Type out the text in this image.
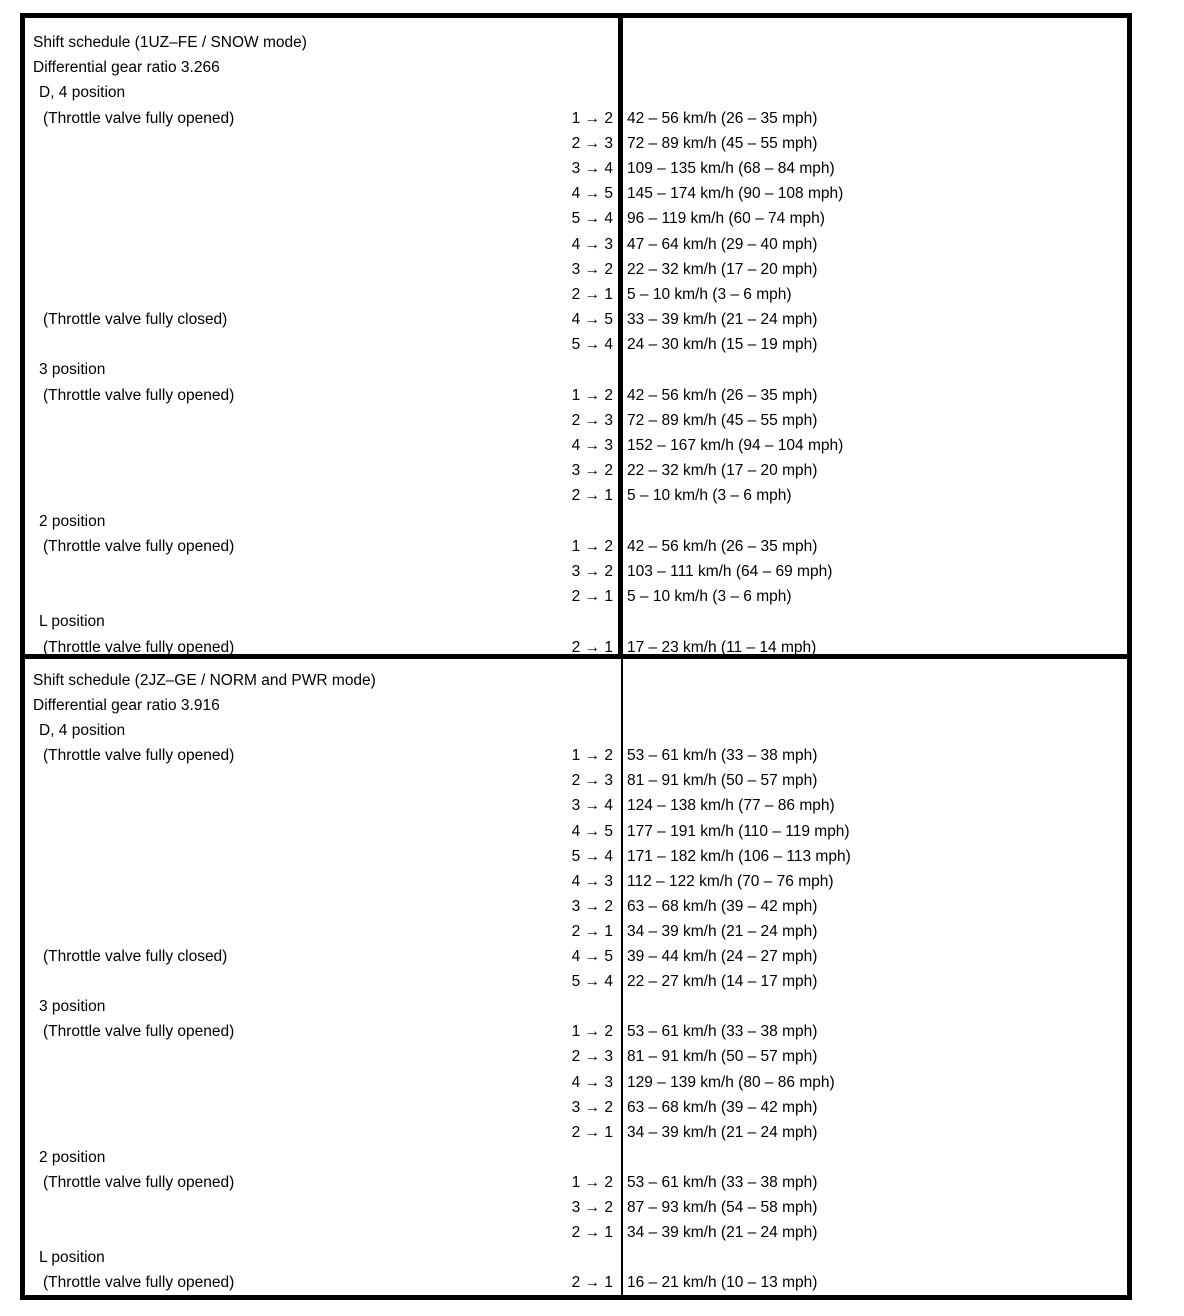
Shift schedule (1UZ–FE / SNOW mode)
Differential gear ratio 3.266
D, 4 position
(Throttle valve fully opened)	1 → 2 42 – 56 km/h (26 – 35 mph)
2 → 3 72 – 89 km/h (45 – 55 mph)
3 → 4 109 – 135 km/h (68 – 84 mph)
4 → 5 145 – 174 km/h (90 – 108 mph)
5 → 4 96 – 119 km/h (60 – 74 mph)
4 → 3 47 – 64 km/h (29 – 40 mph)
3 → 2 22 – 32 km/h (17 – 20 mph)
2 → 1 5 – 10 km/h (3 – 6 mph)
(Throttle valve fully closed)	4 → 5 33 – 39 km/h (21 – 24 mph)
5 → 4 24 – 30 km/h (15 – 19 mph)
3 position
(Throttle valve fully opened)	1 → 2 42 – 56 km/h (26 – 35 mph)
2 → 3 72 – 89 km/h (45 – 55 mph)
4 → 3 152 – 167 km/h (94 – 104 mph)
3 → 2 22 – 32 km/h (17 – 20 mph)
2 → 1 5 – 10 km/h (3 – 6 mph)
2 position
(Throttle valve fully opened)	1 → 2 42 – 56 km/h (26 – 35 mph)
3 → 2 103 – 111 km/h (64 – 69 mph)
2 → 1 5 – 10 km/h (3 – 6 mph)
L position
(Throttle valve fully opened)	2 → 1 17 – 23 km/h (11 – 14 mph)
Shift schedule (2JZ–GE / NORM and PWR mode)
Differential gear ratio 3.916
D, 4 position
(Throttle valve fully opened)	1 → 2 53 – 61 km/h (33 – 38 mph)
2 → 3 81 – 91 km/h (50 – 57 mph)
3 → 4 124 – 138 km/h (77 – 86 mph)
4 → 5 177 – 191 km/h (110 – 119 mph)
5 → 4 171 – 182 km/h (106 – 113 mph)
4 → 3 112 – 122 km/h (70 – 76 mph)
3 → 2 63 – 68 km/h (39 – 42 mph)
2 → 1 34 – 39 km/h (21 – 24 mph)
(Throttle valve fully closed)	4 → 5 39 – 44 km/h (24 – 27 mph)
5 → 4 22 – 27 km/h (14 – 17 mph)
3 position
(Throttle valve fully opened)	1 → 2 53 – 61 km/h (33 – 38 mph)
2 → 3 81 – 91 km/h (50 – 57 mph)
4 → 3 129 – 139 km/h (80 – 86 mph)
3 → 2 63 – 68 km/h (39 – 42 mph)
2 → 1 34 – 39 km/h (21 – 24 mph)
2 position
(Throttle valve fully opened)	1 → 2 53 – 61 km/h (33 – 38 mph)
3 → 2 87 – 93 km/h (54 – 58 mph)
2 → 1 34 – 39 km/h (21 – 24 mph)
L position
(Throttle valve fully opened)	2 → 1 16 – 21 km/h (10 – 13 mph)
